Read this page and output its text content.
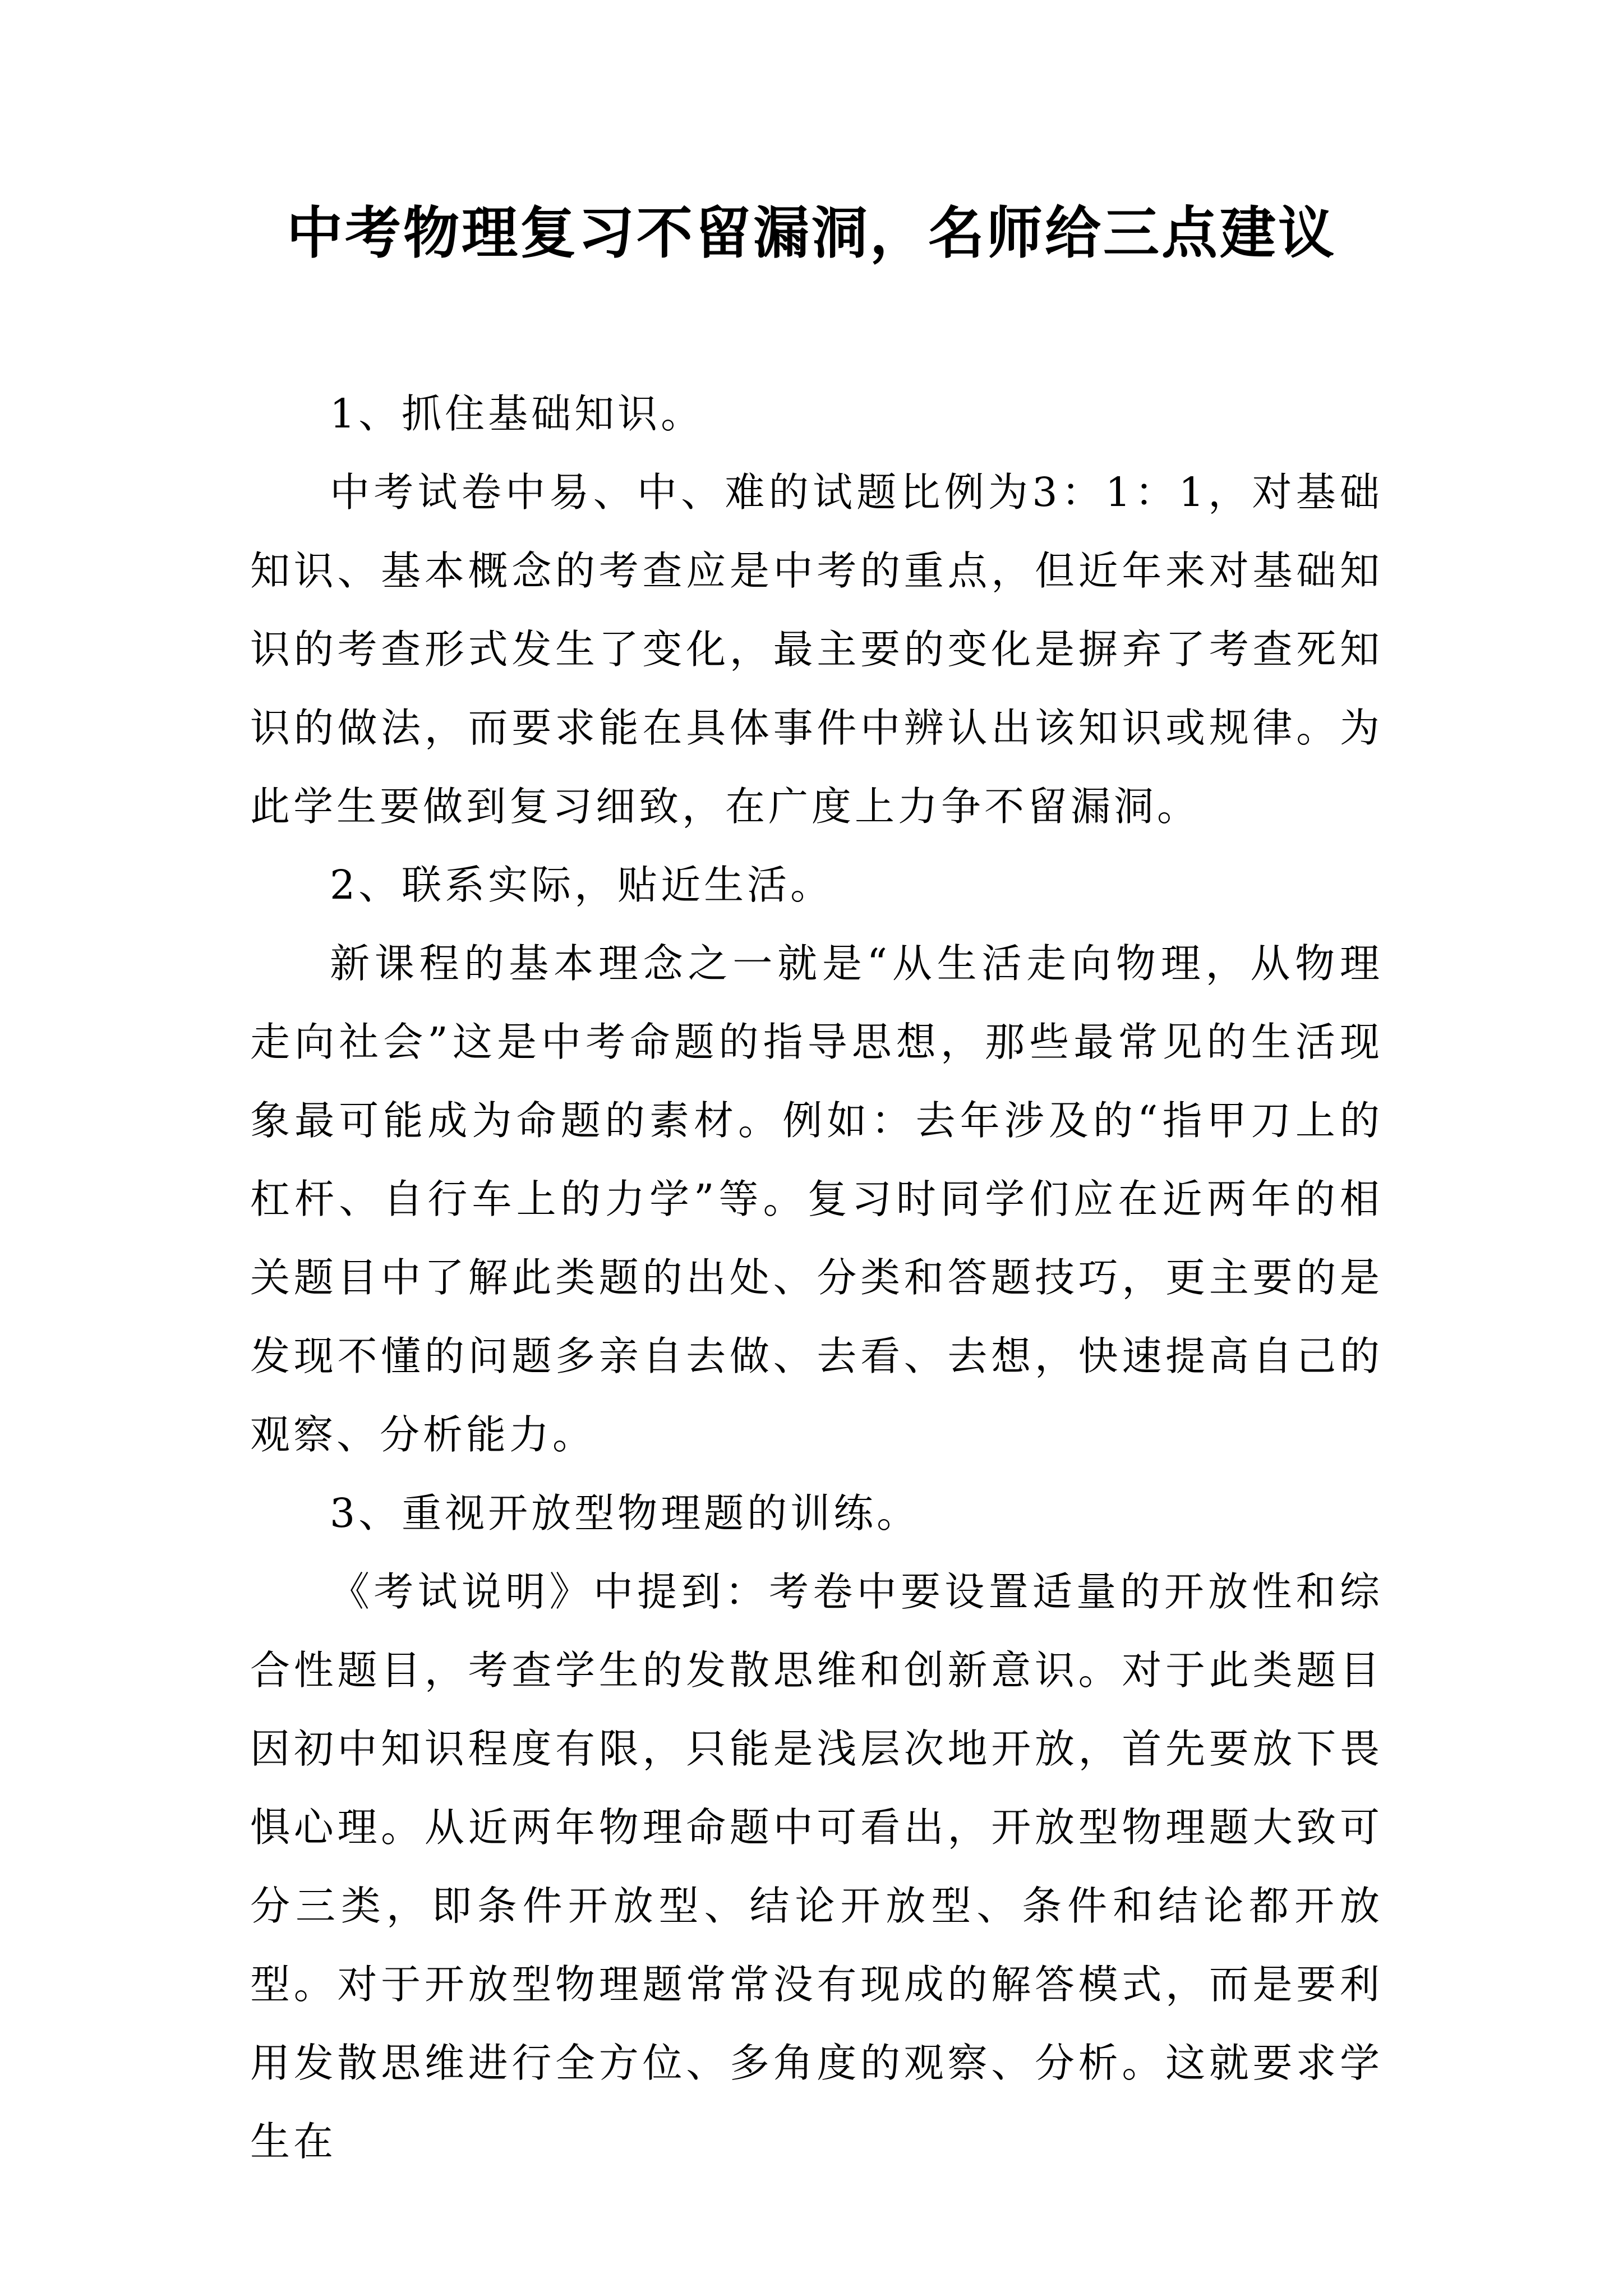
中考物理复习不留漏洞，名师给三点建议

1、抓住基础知识。

中考试卷中易、中、难的试题比例为3：1：1，对基础知识、基本概念的考查应是中考的重点，但近年来对基础知识的考查形式发生了变化，最主要的变化是摒弃了考查死知识的做法，而要求能在具体事件中辨认出该知识或规律。为此学生要做到复习细致，在广度上力争不留漏洞。

2、联系实际，贴近生活。

新课程的基本理念之一就是“从生活走向物理，从物理走向社会”这是中考命题的指导思想，那些最常见的生活现象最可能成为命题的素材。例如：去年涉及的“指甲刀上的杠杆、自行车上的力学”等。复习时同学们应在近两年的相关题目中了解此类题的出处、分类和答题技巧，更主要的是发现不懂的问题多亲自去做、去看、去想，快速提高自己的观察、分析能力。

3、重视开放型物理题的训练。

《考试说明》中提到：考卷中要设置适量的开放性和综合性题目，考查学生的发散思维和创新意识。对于此类题目因初中知识程度有限，只能是浅层次地开放，首先要放下畏惧心理。从近两年物理命题中可看出，开放型物理题大致可分三类，即条件开放型、结论开放型、条件和结论都开放型。对于开放型物理题常常没有现成的解答模式，而是要利用发散思维进行全方位、多角度的观察、分析。这就要求学生在
